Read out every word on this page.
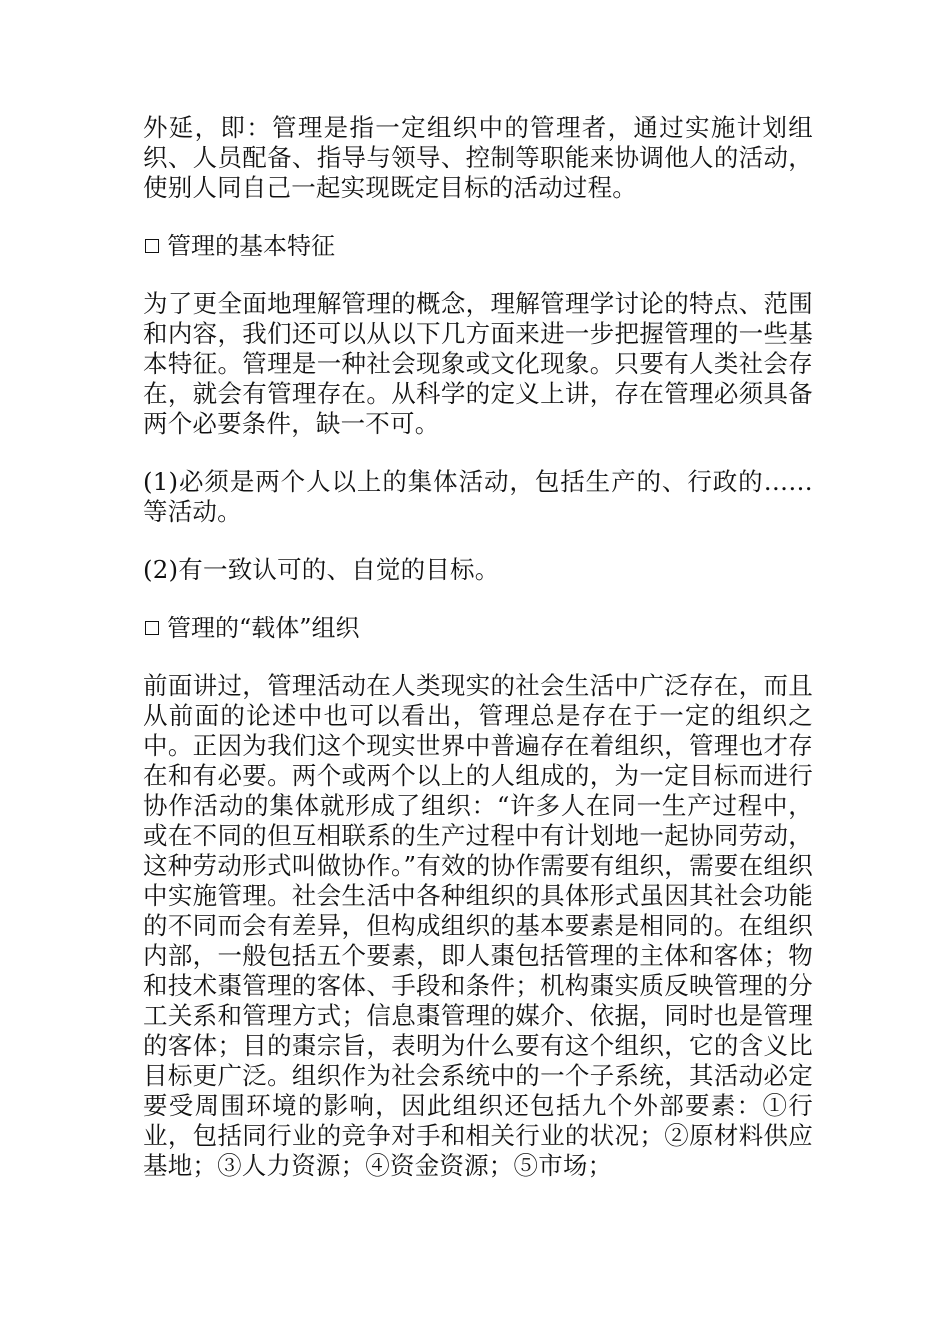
外延，即：管理是指一定组织中的管理者，通过实施计划组织、人员配备、指导与领导、控制等职能来协调他人的活动，使别人同自己一起实现既定目标的活动过程。

管理的基本特征

为了更全面地理解管理的概念，理解管理学讨论的特点、范围和内容，我们还可以从以下几方面来进一步把握管理的一些基本特征。管理是一种社会现象或文化现象。只要有人类社会存在，就会有管理存在。从科学的定义上讲，存在管理必须具备两个必要条件，缺一不可。

(1)必须是两个人以上的集体活动，包括生产的、行政的……等活动。

(2)有一致认可的、自觉的目标。

管理的“载体”组织

前面讲过，管理活动在人类现实的社会生活中广泛存在，而且从前面的论述中也可以看出，管理总是存在于一定的组织之中。正因为我们这个现实世界中普遍存在着组织，管理也才存在和有必要。两个或两个以上的人组成的，为一定目标而进行协作活动的集体就形成了组织：“许多人在同一生产过程中，或在不同的但互相联系的生产过程中有计划地一起协同劳动，这种劳动形式叫做协作。”有效的协作需要有组织，需要在组织中实施管理。社会生活中各种组织的具体形式虽因其社会功能的不同而会有差异，但构成组织的基本要素是相同的。在组织内部，一般包括五个要素，即人棗包括管理的主体和客体；物和技术棗管理的客体、手段和条件；机构棗实质反映管理的分工关系和管理方式；信息棗管理的媒介、依据，同时也是管理的客体；目的棗宗旨，表明为什么要有这个组织，它的含义比目标更广泛。组织作为社会系统中的一个子系统，其活动必定要受周围环境的影响，因此组织还包括九个外部要素：①行业，包括同行业的竞争对手和相关行业的状况；②原材料供应基地；③人力资源；④资金资源；⑤市场；
